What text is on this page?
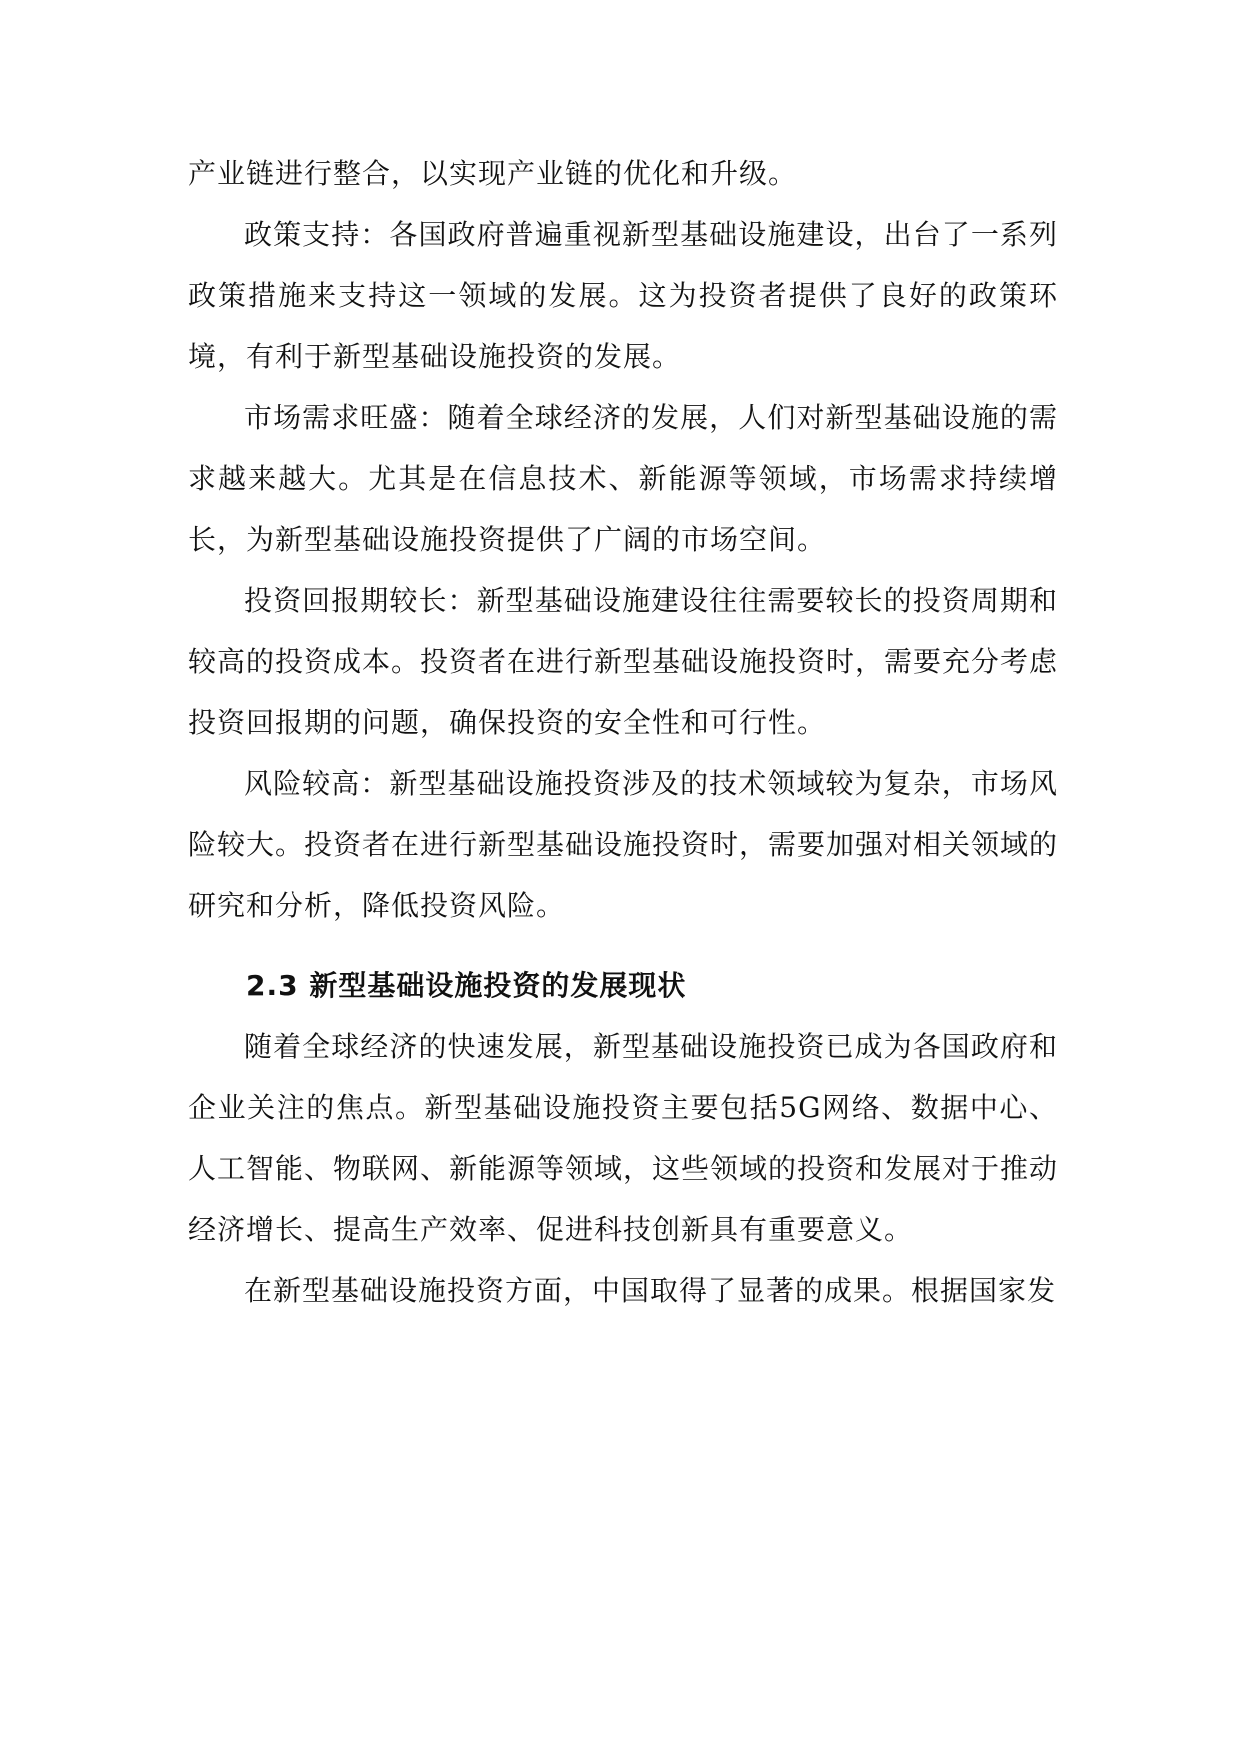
产业链进行整合，以实现产业链的优化和升级。

政策支持：各国政府普遍重视新型基础设施建设，出台了一系列政策措施来支持这一领域的发展。这为投资者提供了良好的政策环境，有利于新型基础设施投资的发展。

市场需求旺盛：随着全球经济的发展，人们对新型基础设施的需求越来越大。尤其是在信息技术、新能源等领域，市场需求持续增长，为新型基础设施投资提供了广阔的市场空间。

投资回报期较长：新型基础设施建设往往需要较长的投资周期和较高的投资成本。投资者在进行新型基础设施投资时，需要充分考虑投资回报期的问题，确保投资的安全性和可行性。

风险较高：新型基础设施投资涉及的技术领域较为复杂，市场风险较大。投资者在进行新型基础设施投资时，需要加强对相关领域的研究和分析，降低投资风险。

2.3 新型基础设施投资的发展现状

随着全球经济的快速发展，新型基础设施投资已成为各国政府和企业关注的焦点。新型基础设施投资主要包括5G网络、数据中心、人工智能、物联网、新能源等领域，这些领域的投资和发展对于推动经济增长、提高生产效率、促进科技创新具有重要意义。

在新型基础设施投资方面，中国取得了显著的成果。根据国家发
